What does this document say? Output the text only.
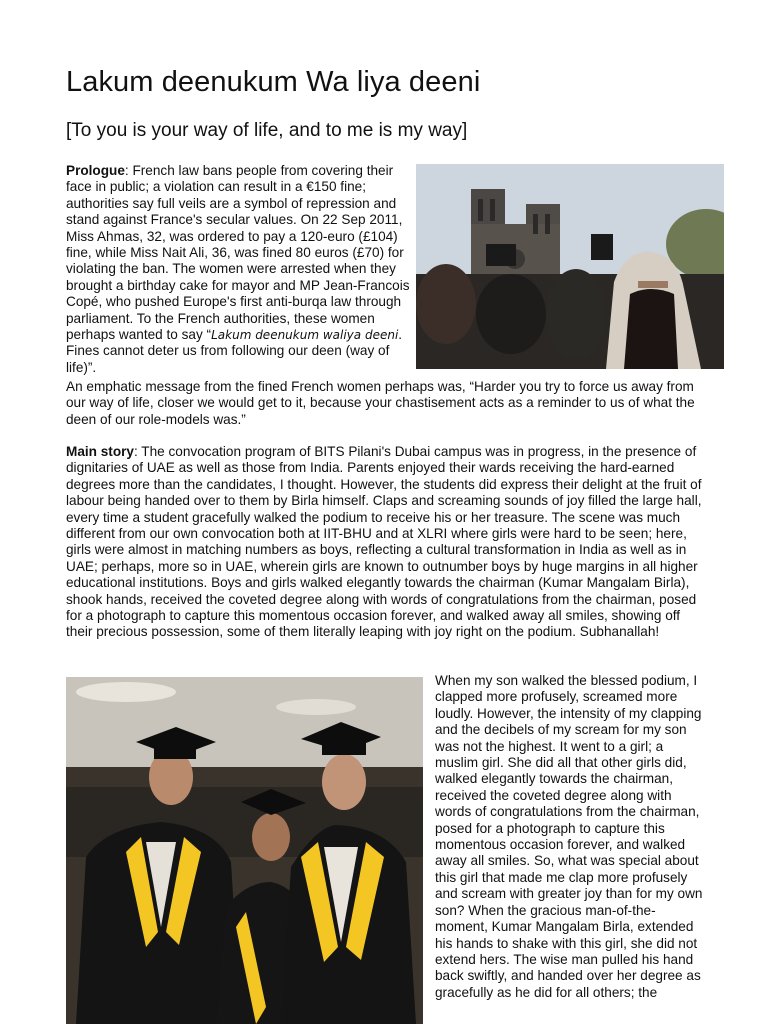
Lakum deenukum Wa liya deeni

[To you is your way of life, and to me is my way]

Prologue: French law bans people from covering their face in public; a violation can result in a €150 fine; authorities say full veils are a symbol of repression and stand against France's secular values. On 22 Sep 2011, Miss Ahmas, 32, was ordered to pay a 120-euro (£104) fine, while Miss Nait Ali, 36, was fined 80 euros (£70) for violating the ban. The women were arrested when they brought a birthday cake for mayor and MP Jean-Francois Copé, who pushed Europe's first anti-burqa law through parliament. To the French authorities, these women perhaps wanted to say “Lakum deenukum waliya deeni. Fines cannot deter us from following our deen (way of life)”.

An emphatic message from the fined French women perhaps was, “Harder you try to force us away from our way of life, closer we would get to it, because your chastisement acts as a reminder to us of what the deen of our role-models was.”

Main story: The convocation program of BITS Pilani's Dubai campus was in progress, in the presence of dignitaries of UAE as well as those from India. Parents enjoyed their wards receiving the hard-earned degrees more than the candidates, I thought. However, the students did express their delight at the fruit of labour being handed over to them by Birla himself. Claps and screaming sounds of joy filled the large hall, every time a student gracefully walked the podium to receive his or her treasure. The scene was much different from our own convocation both at IIT-BHU and at XLRI where girls were hard to be seen; here, girls were almost in matching numbers as boys, reflecting a cultural transformation in India as well as in UAE; perhaps, more so in UAE, wherein girls are known to outnumber boys by huge margins in all higher educational institutions. Boys and girls walked elegantly towards the chairman (Kumar Mangalam Birla), shook hands, received the coveted degree along with words of congratulations from the chairman, posed for a photograph to capture this momentous occasion forever, and walked away all smiles, showing off their precious possession, some of them literally leaping with joy right on the podium. Subhanallah!

When my son walked the blessed podium, I clapped more profusely, screamed more loudly. However, the intensity of my clapping and the decibels of my scream for my son was not the highest. It went to a girl; a muslim girl. She did all that other girls did, walked elegantly towards the chairman, received the coveted degree along with words of congratulations from the chairman, posed for a photograph to capture this momentous occasion forever, and walked away all smiles. So, what was special about this girl that made me clap more profusely and scream with greater joy than for my own son? When the gracious man-of-the-moment, Kumar Mangalam Birla, extended his hands to shake with this girl, she did not extend hers. The wise man pulled his hand back swiftly, and handed over her degree as gracefully as he did for all others; the
